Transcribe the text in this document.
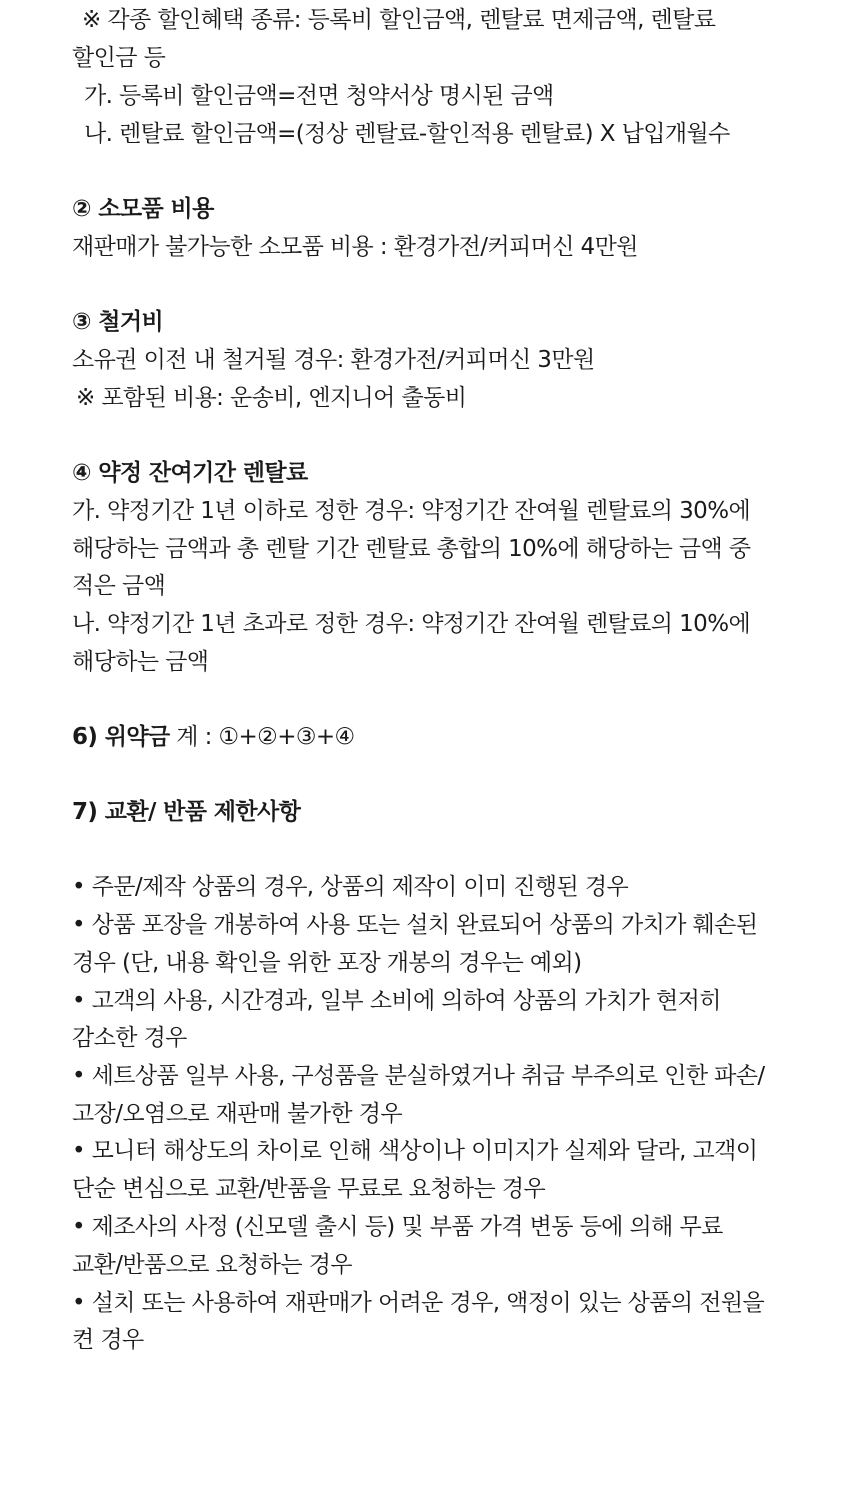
※ 각종 할인혜택 종류: 등록비 할인금액, 렌탈료 면제금액, 렌탈료
할인금 등
가. 등록비 할인금액=전면 청약서상 명시된 금액
나. 렌탈료 할인금액=(정상 렌탈료-할인적용 렌탈료) X 납입개월수
② 소모품 비용
재판매가 불가능한 소모품 비용 : 환경가전/커피머신 4만원
③ 철거비
소유권 이전 내 철거될 경우: 환경가전/커피머신 3만원
※ 포함된 비용: 운송비, 엔지니어 출동비
④ 약정 잔여기간 렌탈료
가. 약정기간 1년 이하로 정한 경우: 약정기간 잔여월 렌탈료의 30%에
해당하는 금액과 총 렌탈 기간 렌탈료 총합의 10%에 해당하는 금액 중
적은 금액
나. 약정기간 1년 초과로 정한 경우: 약정기간 잔여월 렌탈료의 10%에
해당하는 금액
6) 위약금 계 : ①+②+③+④
7) 교환/ 반품 제한사항
• 주문/제작 상품의 경우, 상품의 제작이 이미 진행된 경우
• 상품 포장을 개봉하여 사용 또는 설치 완료되어 상품의 가치가 훼손된
경우 (단, 내용 확인을 위한 포장 개봉의 경우는 예외)
• 고객의 사용, 시간경과, 일부 소비에 의하여 상품의 가치가 현저히
감소한 경우
• 세트상품 일부 사용, 구성품을 분실하였거나 취급 부주의로 인한 파손/
고장/오염으로 재판매 불가한 경우
• 모니터 해상도의 차이로 인해 색상이나 이미지가 실제와 달라, 고객이
단순 변심으로 교환/반품을 무료로 요청하는 경우
• 제조사의 사정 (신모델 출시 등) 및 부품 가격 변동 등에 의해 무료
교환/반품으로 요청하는 경우
• 설치 또는 사용하여 재판매가 어려운 경우, 액정이 있는 상품의 전원을
켠 경우
